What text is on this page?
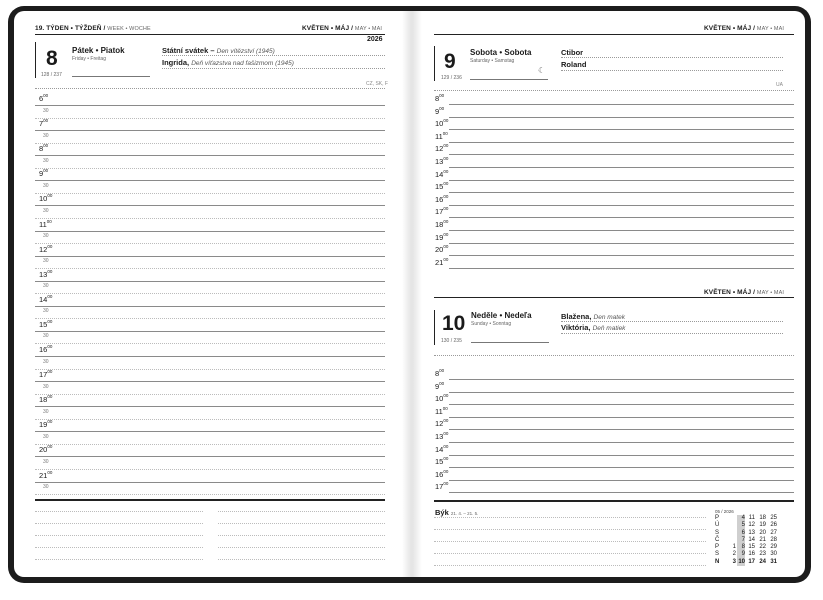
19. TÝDEN • TÝŽDEŇ / WEEK • WOCHE	KVĚTEN • MÁJ / MAY • MAI
2026
8 Pátek • Piatok
Friday • Freitag
128 / 237
Státní svátek – Den vítězství (1945)
Ingrida, Deň víťazstva nad fašizmom (1945)
CZ, SK, F
$6^{00}$
30
$7^{00}$
30
$8^{00}$
30
$9^{00}$
30
$10^{00}$
30
$11^{00}$
30
$12^{00}$
30
$13^{00}$
30
$14^{00}$
30
$15^{00}$
30
$16^{00}$
30
$17^{00}$
30
$18^{00}$
30
$19^{00}$
30
$20^{00}$
30
$21^{00}$
30
KVĚTEN • MÁJ / MAY • MAI
9 Sobota • Sobota
Saturday • Samstag
129 / 236
☾
Ctibor
Roland
UA
$8^{00}$
$9^{00}$
$10^{00}$
$11^{00}$
$12^{00}$
$13^{00}$
$14^{00}$
$15^{00}$
$16^{00}$
$17^{00}$
$18^{00}$
$19^{00}$
$20^{00}$
$21^{00}$
KVĚTEN • MÁJ / MAY • MAI
10 Neděle • Nedeľa
Sunday • Sonntag
130 / 235
Blažena, Den matek
Viktória, Deň matiek
$8^{00}$
$9^{00}$
$10^{00}$
$11^{00}$
$12^{00}$
$13^{00}$
$14^{00}$
$15^{00}$
$16^{00}$
$17^{00}$
Býk 21. 4. – 21. 5.	05 / 2026
P
Ú
S
Č
P
S
N

1
2
3
4
5
6
7
8
9
10
11
12
13
14
15
16
17
18
19
20
21
22
23
24
25
26
27
28
29
30
31
